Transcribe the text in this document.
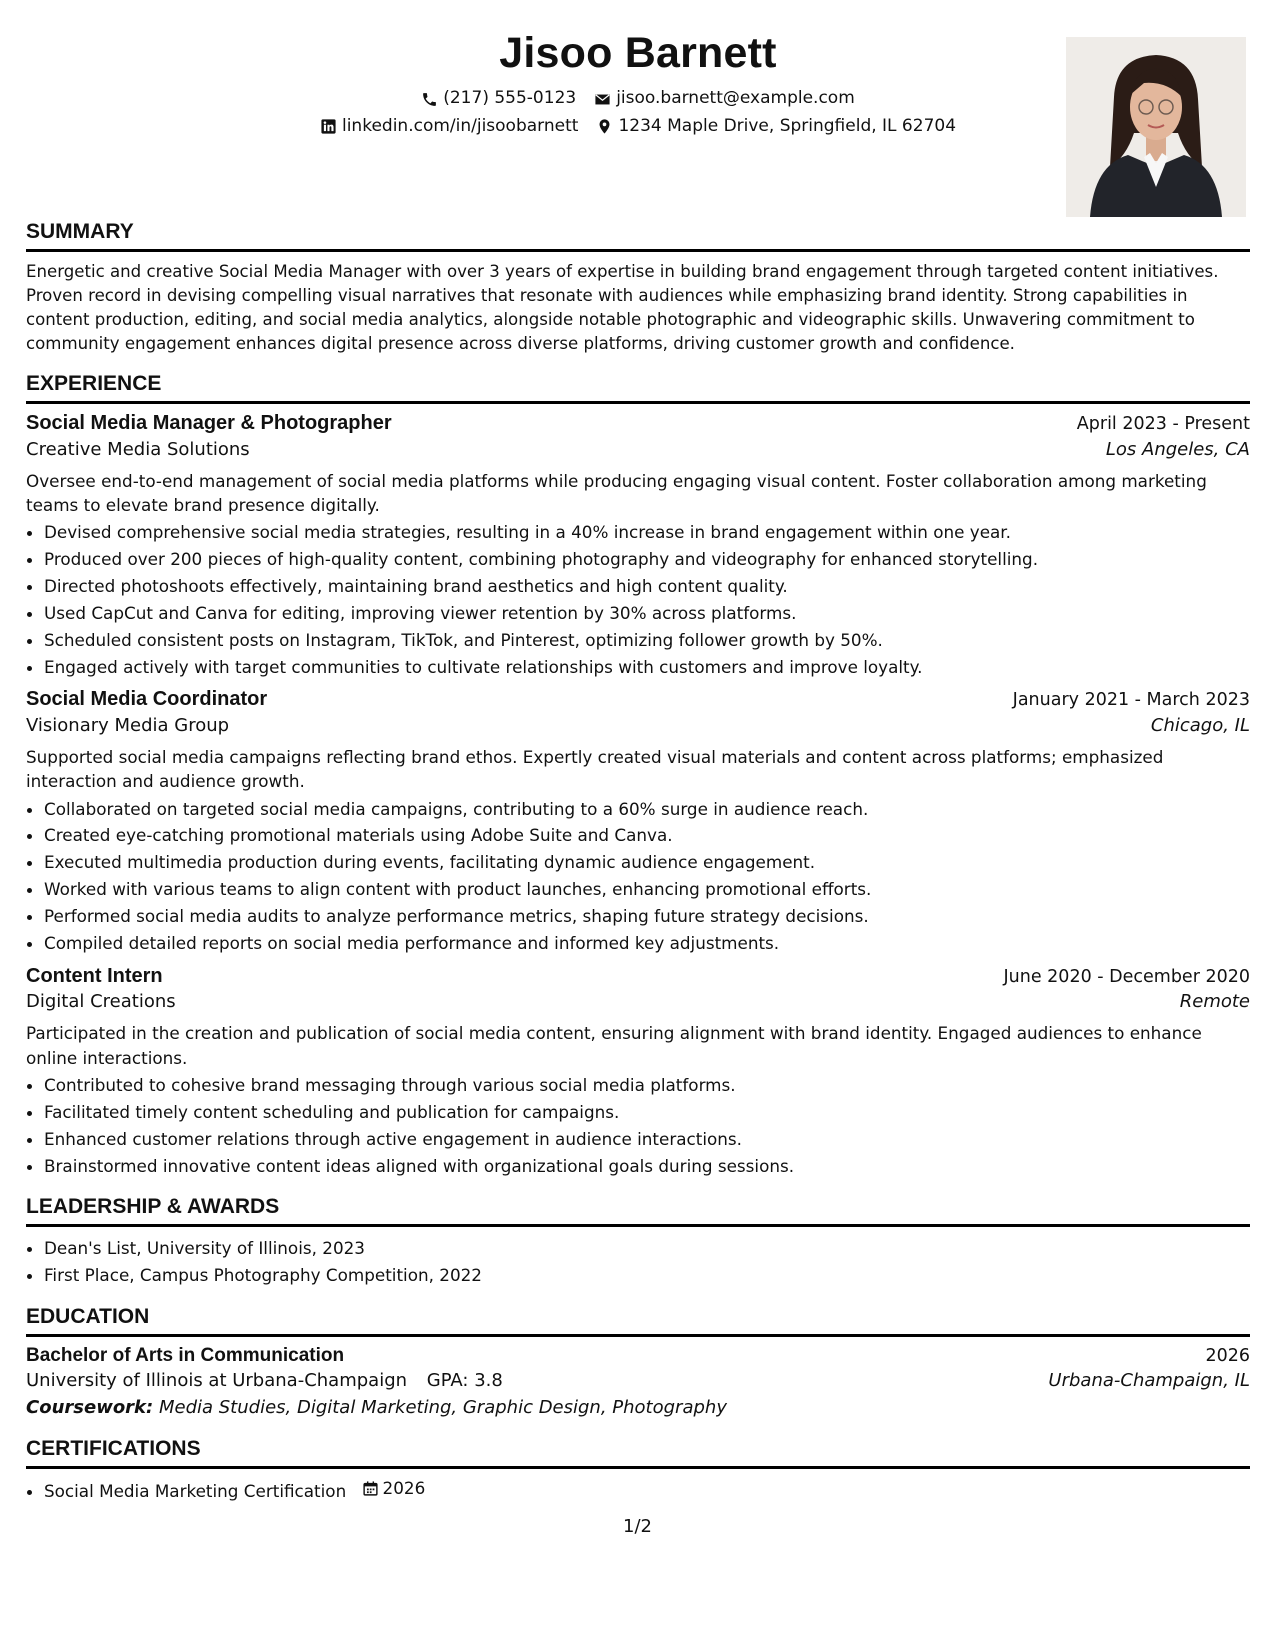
Jisoo Barnett
(217) 555-0123 jisoo.barnett@example.com
linkedin.com/in/jisoobarnett 1234 Maple Drive, Springfield, IL 62704
SUMMARY
Energetic and creative Social Media Manager with over 3 years of expertise in building brand engagement through targeted content initiatives. Proven record in devising compelling visual narratives that resonate with audiences while emphasizing brand identity. Strong capabilities in content production, editing, and social media analytics, alongside notable photographic and videographic skills. Unwavering commitment to community engagement enhances digital presence across diverse platforms, driving customer growth and confidence.
EXPERIENCE
Social Media Manager & Photographer	April 2023 - Present
Creative Media Solutions	Los Angeles, CA
Oversee end-to-end management of social media platforms while producing engaging visual content. Foster collaboration among marketing teams to elevate brand presence digitally.
• Devised comprehensive social media strategies, resulting in a 40% increase in brand engagement within one year.
• Produced over 200 pieces of high-quality content, combining photography and videography for enhanced storytelling.
• Directed photoshoots effectively, maintaining brand aesthetics and high content quality.
• Used CapCut and Canva for editing, improving viewer retention by 30% across platforms.
• Scheduled consistent posts on Instagram, TikTok, and Pinterest, optimizing follower growth by 50%.
• Engaged actively with target communities to cultivate relationships with customers and improve loyalty.
Social Media Coordinator	January 2021 - March 2023
Visionary Media Group	Chicago, IL
Supported social media campaigns reflecting brand ethos. Expertly created visual materials and content across platforms; emphasized interaction and audience growth.
• Collaborated on targeted social media campaigns, contributing to a 60% surge in audience reach.
• Created eye-catching promotional materials using Adobe Suite and Canva.
• Executed multimedia production during events, facilitating dynamic audience engagement.
• Worked with various teams to align content with product launches, enhancing promotional efforts.
• Performed social media audits to analyze performance metrics, shaping future strategy decisions.
• Compiled detailed reports on social media performance and informed key adjustments.
Content Intern	June 2020 - December 2020
Digital Creations	Remote
Participated in the creation and publication of social media content, ensuring alignment with brand identity. Engaged audiences to enhance online interactions.
• Contributed to cohesive brand messaging through various social media platforms.
• Facilitated timely content scheduling and publication for campaigns.
• Enhanced customer relations through active engagement in audience interactions.
• Brainstormed innovative content ideas aligned with organizational goals during sessions.
LEADERSHIP & AWARDS
• Dean's List, University of Illinois, 2023
• First Place, Campus Photography Competition, 2022
EDUCATION
Bachelor of Arts in Communication	2026
University of Illinois at Urbana-Champaign GPA: 3.8	Urbana-Champaign, IL
Coursework: Media Studies, Digital Marketing, Graphic Design, Photography
CERTIFICATIONS
• Social Media Marketing Certification 2026
1/2
